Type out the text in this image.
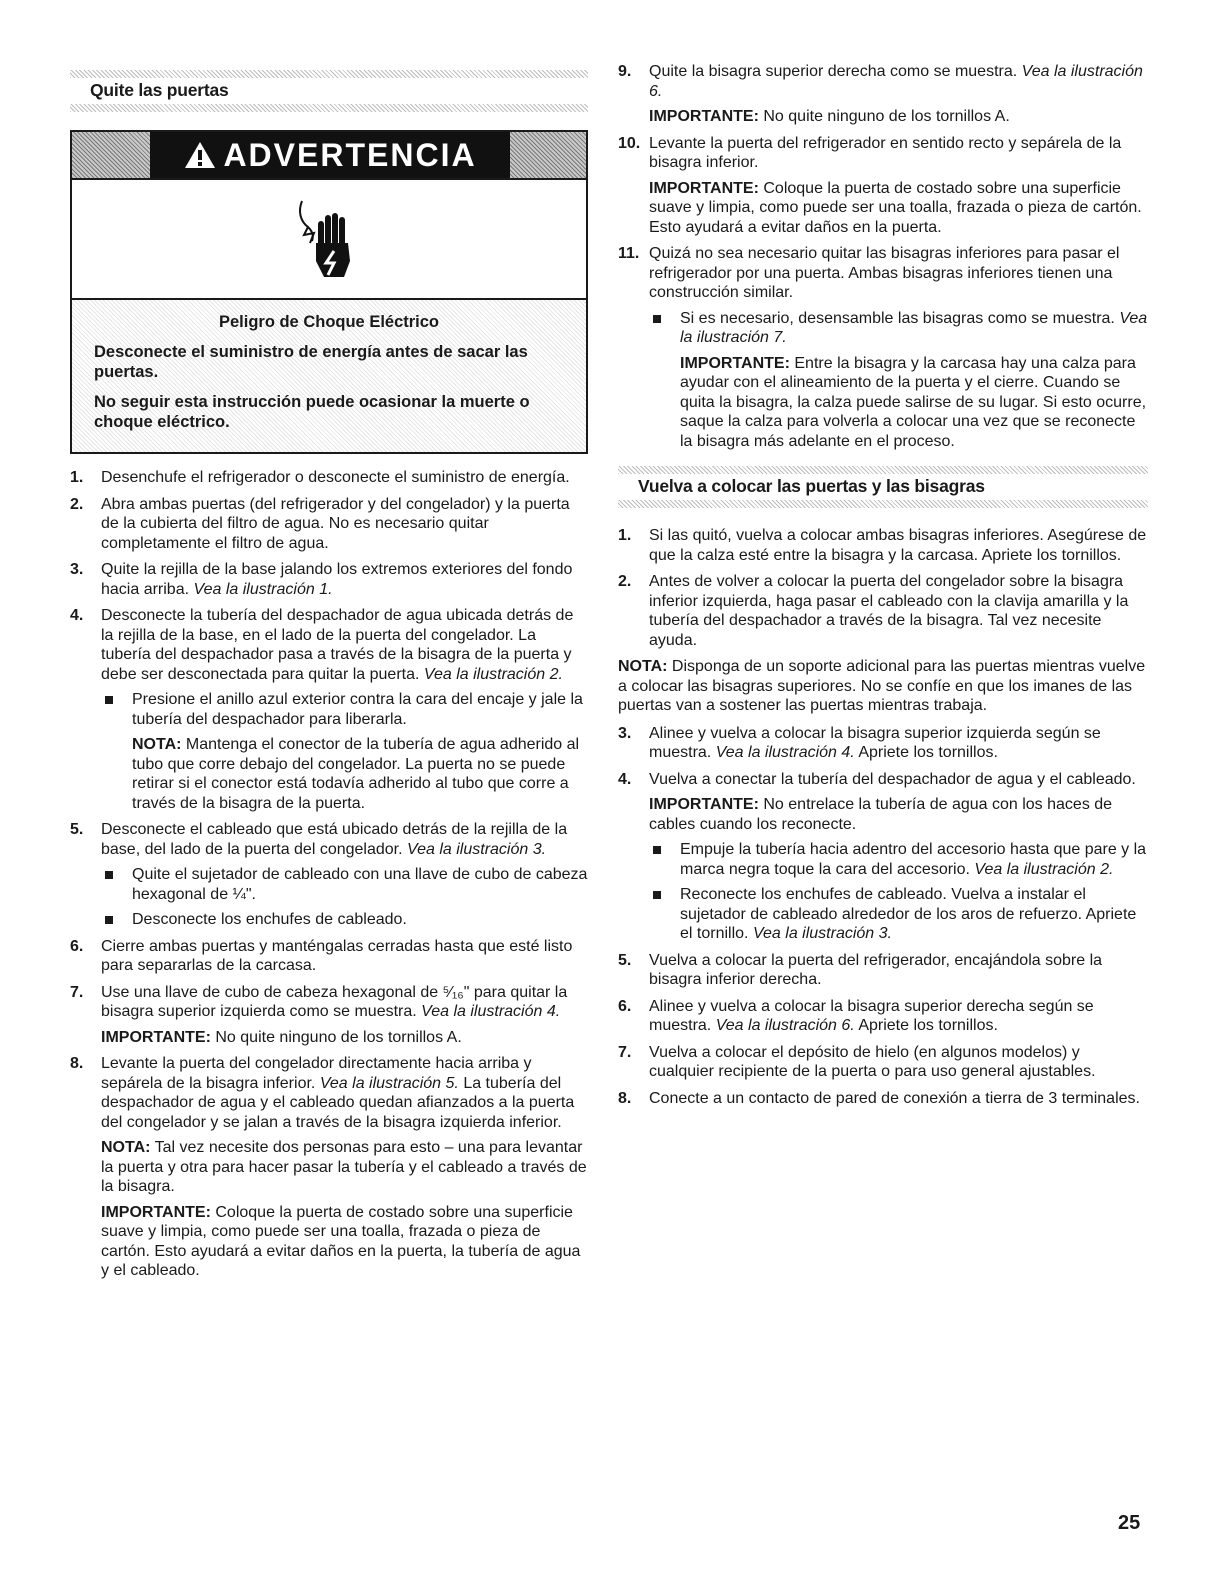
Quite las puertas
ADVERTENCIA

Peligro de Choque Eléctrico

Desconecte el suministro de energía antes de sacar las puertas.

No seguir esta instrucción puede ocasionar la muerte o choque eléctrico.

1. Desenchufe el refrigerador o desconecte el suministro de energía.
2. Abra ambas puertas (del refrigerador y del congelador) y la puerta de la cubierta del filtro de agua. No es necesario quitar completamente el filtro de agua.
3. Quite la rejilla de la base jalando los extremos exteriores del fondo hacia arriba. Vea la ilustración 1.
4. Desconecte la tubería del despachador de agua ubicada detrás de la rejilla de la base, en el lado de la puerta del congelador. La tubería del despachador pasa a través de la bisagra de la puerta y debe ser desconectada para quitar la puerta. Vea la ilustración 2.
Presione el anillo azul exterior contra la cara del encaje y jale la tubería del despachador para liberarla.
NOTA: Mantenga el conector de la tubería de agua adherido al tubo que corre debajo del congelador. La puerta no se puede retirar si el conector está todavía adherido al tubo que corre a través de la bisagra de la puerta.
5. Desconecte el cableado que está ubicado detrás de la rejilla de la base, del lado de la puerta del congelador. Vea la ilustración 3.
Quite el sujetador de cableado con una llave de cubo de cabeza hexagonal de ¼".
Desconecte los enchufes de cableado.
6. Cierre ambas puertas y manténgalas cerradas hasta que esté listo para separarlas de la carcasa.
7. Use una llave de cubo de cabeza hexagonal de ⁵⁄₁₆" para quitar la bisagra superior izquierda como se muestra. Vea la ilustración 4.

IMPORTANTE: No quite ninguno de los tornillos A.

8. Levante la puerta del congelador directamente hacia arriba y sepárela de la bisagra inferior. Vea la ilustración 5. La tubería del despachador de agua y el cableado quedan afianzados a la puerta del congelador y se jalan a través de la bisagra izquierda inferior.

NOTA: Tal vez necesite dos personas para esto – una para levantar la puerta y otra para hacer pasar la tubería y el cableado a través de la bisagra.

IMPORTANTE: Coloque la puerta de costado sobre una superficie suave y limpia, como puede ser una toalla, frazada o pieza de cartón. Esto ayudará a evitar daños en la puerta, la tubería de agua y el cableado.

9. Quite la bisagra superior derecha como se muestra. Vea la ilustración 6.

IMPORTANTE: No quite ninguno de los tornillos A.

10. Levante la puerta del refrigerador en sentido recto y sepárela de la bisagra inferior.

IMPORTANTE: Coloque la puerta de costado sobre una superficie suave y limpia, como puede ser una toalla, frazada o pieza de cartón. Esto ayudará a evitar daños en la puerta.

11. Quizá no sea necesario quitar las bisagras inferiores para pasar el refrigerador por una puerta. Ambas bisagras inferiores tienen una construcción similar.
Si es necesario, desensamble las bisagras como se muestra. Vea la ilustración 7.
IMPORTANTE: Entre la bisagra y la carcasa hay una calza para ayudar con el alineamiento de la puerta y el cierre. Cuando se quita la bisagra, la calza puede salirse de su lugar. Si esto ocurre, saque la calza para volverla a colocar una vez que se reconecte la bisagra más adelante en el proceso.
Vuelva a colocar las puertas y las bisagras
1. Si las quitó, vuelva a colocar ambas bisagras inferiores. Asegúrese de que la calza esté entre la bisagra y la carcasa. Apriete los tornillos.
2. Antes de volver a colocar la puerta del congelador sobre la bisagra inferior izquierda, haga pasar el cableado con la clavija amarilla y la tubería del despachador a través de la bisagra. Tal vez necesite ayuda.

NOTA: Disponga de un soporte adicional para las puertas mientras vuelve a colocar las bisagras superiores. No se confíe en que los imanes de las puertas van a sostener las puertas mientras trabaja.

3. Alinee y vuelva a colocar la bisagra superior izquierda según se muestra. Vea la ilustración 4. Apriete los tornillos.
4. Vuelva a conectar la tubería del despachador de agua y el cableado.

IMPORTANTE: No entrelace la tubería de agua con los haces de cables cuando los reconecte.

Empuje la tubería hacia adentro del accesorio hasta que pare y la marca negra toque la cara del accesorio. Vea la ilustración 2.
Reconecte los enchufes de cableado. Vuelva a instalar el sujetador de cableado alrededor de los aros de refuerzo. Apriete el tornillo. Vea la ilustración 3.
5. Vuelva a colocar la puerta del refrigerador, encajándola sobre la bisagra inferior derecha.
6. Alinee y vuelva a colocar la bisagra superior derecha según se muestra. Vea la ilustración 6. Apriete los tornillos.
7. Vuelva a colocar el depósito de hielo (en algunos modelos) y cualquier recipiente de la puerta o para uso general ajustables.
8. Conecte a un contacto de pared de conexión a tierra de 3 terminales.
25
